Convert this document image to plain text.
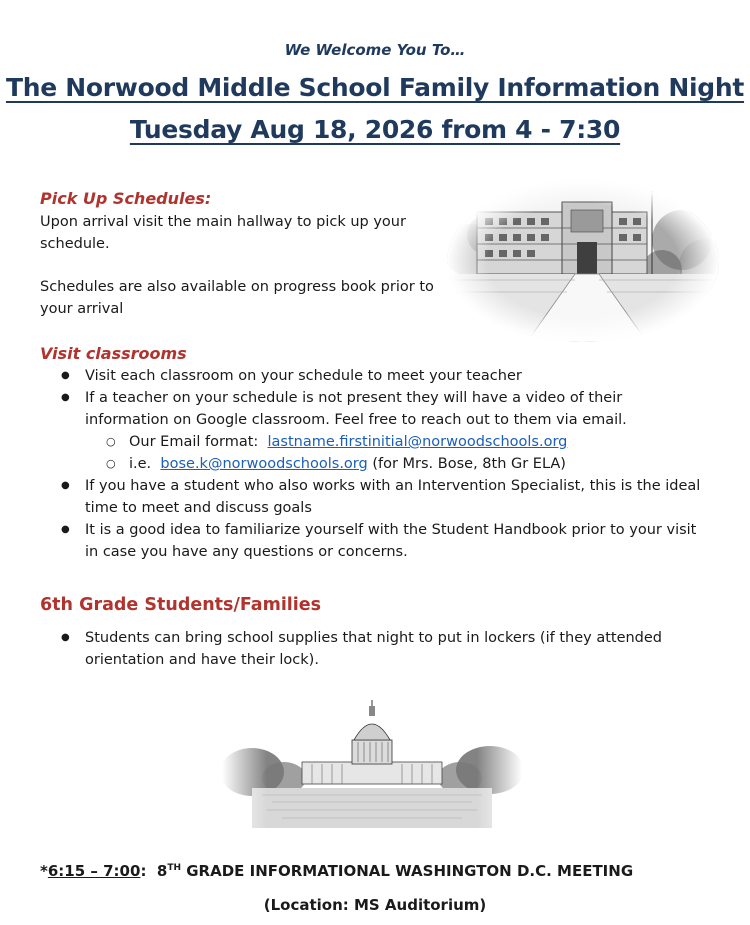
We Welcome You To…
The Norwood Middle School Family Information Night
Tuesday Aug 18, 2026 from 4 - 7:30
Pick Up Schedules:
Upon arrival visit the main hallway to pick up your
schedule.
Schedules are also available on progress book prior to
your arrival
Visit classrooms
● Visit each classroom on your schedule to meet your teacher
● If a teacher on your schedule is not present they will have a video of their
information on Google classroom. Feel free to reach out to them via email.
○ Our Email format:  lastname.firstinitial@norwoodschools.org
○ i.e.  bose.k@norwoodschools.org (for Mrs. Bose, 8th Gr ELA)
● If you have a student who also works with an Intervention Specialist, this is the ideal
time to meet and discuss goals
● It is a good idea to familiarize yourself with the Student Handbook prior to your visit
in case you have any questions or concerns.
6th Grade Students/Families
● Students can bring school supplies that night to put in lockers (if they attended
orientation and have their lock).
*6:15 – 7:00:  8TH GRADE INFORMATIONAL WASHINGTON D.C. MEETING
(Location: MS Auditorium)
